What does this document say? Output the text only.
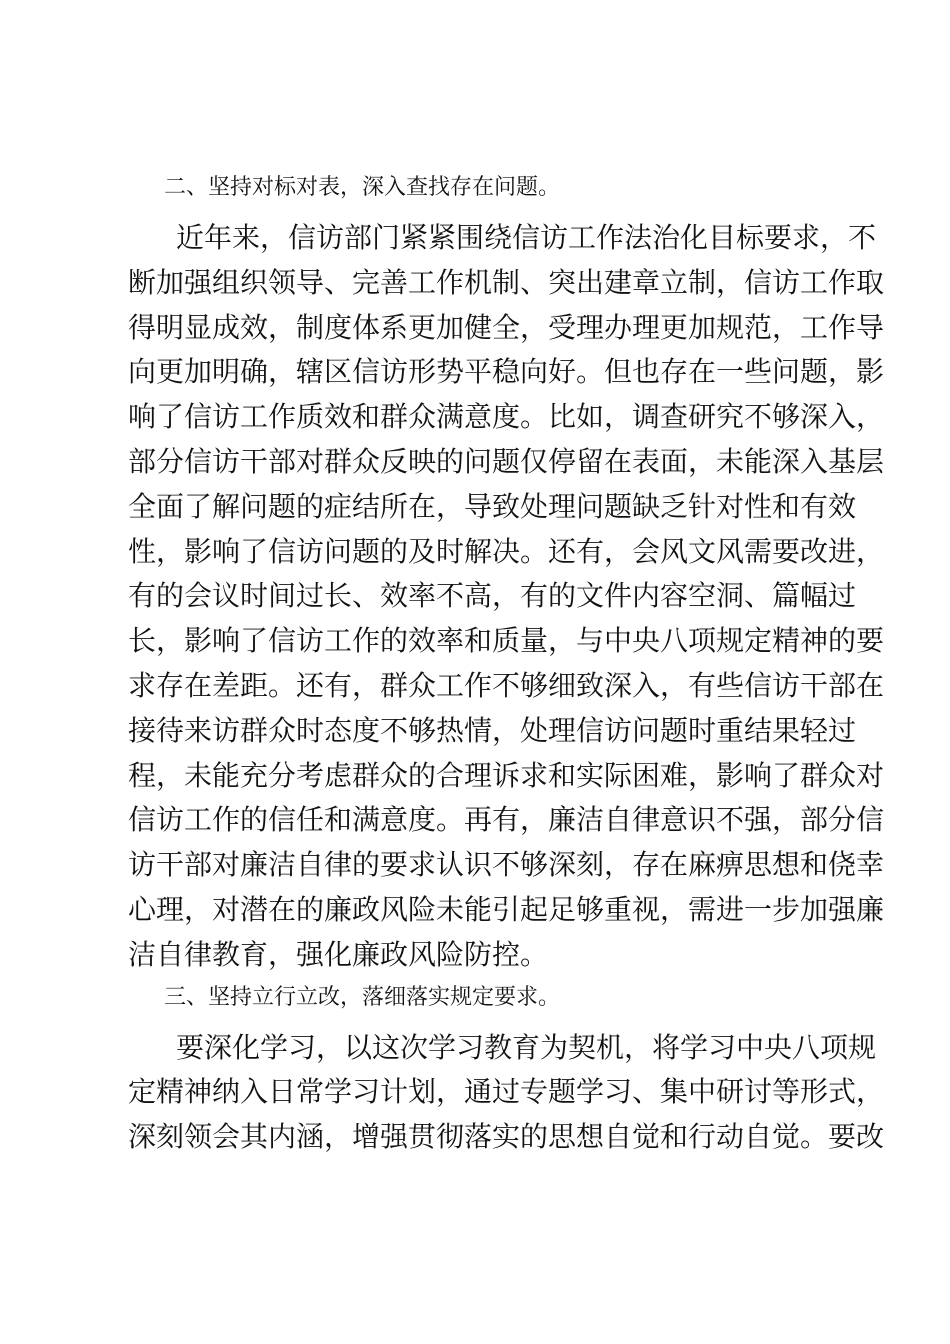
二、坚持对标对表，深入查找存在问题。
近年来，信访部门紧紧围绕信访工作法治化目标要求，不
断加强组织领导、完善工作机制、突出建章立制，信访工作取
得明显成效，制度体系更加健全，受理办理更加规范，工作导
向更加明确，辖区信访形势平稳向好。但也存在一些问题，影
响了信访工作质效和群众满意度。比如，调查研究不够深入，
部分信访干部对群众反映的问题仅停留在表面，未能深入基层
全面了解问题的症结所在，导致处理问题缺乏针对性和有效
性，影响了信访问题的及时解决。还有，会风文风需要改进，
有的会议时间过长、效率不高，有的文件内容空洞、篇幅过
长，影响了信访工作的效率和质量，与中央八项规定精神的要
求存在差距。还有，群众工作不够细致深入，有些信访干部在
接待来访群众时态度不够热情，处理信访问题时重结果轻过
程，未能充分考虑群众的合理诉求和实际困难，影响了群众对
信访工作的信任和满意度。再有，廉洁自律意识不强，部分信
访干部对廉洁自律的要求认识不够深刻，存在麻痹思想和侥幸
心理，对潜在的廉政风险未能引起足够重视，需进一步加强廉
洁自律教育，强化廉政风险防控。
三、坚持立行立改，落细落实规定要求。
要深化学习，以这次学习教育为契机，将学习中央八项规
定精神纳入日常学习计划，通过专题学习、集中研讨等形式，
深刻领会其内涵，增强贯彻落实的思想自觉和行动自觉。要改
